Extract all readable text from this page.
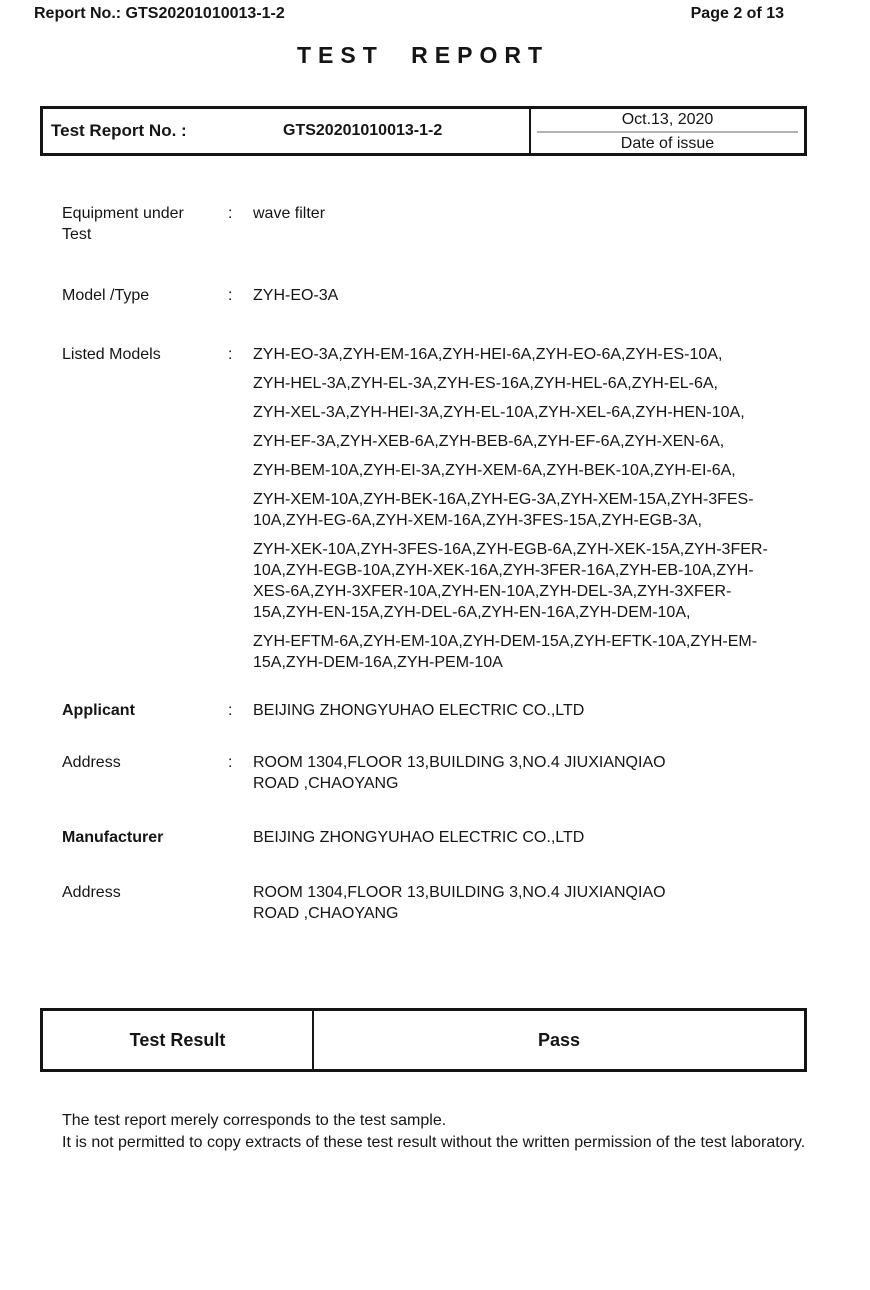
Report No.: GTS20201010013-1-2	Page 2 of 13
TEST REPORT
Test Report No. :	GTS20201010013-1-2
Oct.13, 2020
Date of issue
Equipment under Test
:	wave filter
Model /Type	:	ZYH-EO-3A
Listed Models	:	ZYH-EO-3A,ZYH-EM-16A,ZYH-HEI-6A,ZYH-EO-6A,ZYH-ES-10A,
ZYH-HEL-3A,ZYH-EL-3A,ZYH-ES-16A,ZYH-HEL-6A,ZYH-EL-6A,
ZYH-XEL-3A,ZYH-HEI-3A,ZYH-EL-10A,ZYH-XEL-6A,ZYH-HEN-10A,
ZYH-EF-3A,ZYH-XEB-6A,ZYH-BEB-6A,ZYH-EF-6A,ZYH-XEN-6A,
ZYH-BEM-10A,ZYH-EI-3A,ZYH-XEM-6A,ZYH-BEK-10A,ZYH-EI-6A,
ZYH-XEM-10A,ZYH-BEK-16A,ZYH-EG-3A,ZYH-XEM-15A,ZYH-3FES-10A,ZYH-EG-6A,ZYH-XEM-16A,ZYH-3FES-15A,ZYH-EGB-3A,
ZYH-XEK-10A,ZYH-3FES-16A,ZYH-EGB-6A,ZYH-XEK-15A,ZYH-3FER-10A,ZYH-EGB-10A,ZYH-XEK-16A,ZYH-3FER-16A,ZYH-EB-10A,ZYH-XES-6A,ZYH-3XFER-10A,ZYH-EN-10A,ZYH-DEL-3A,ZYH-3XFER-15A,ZYH-EN-15A,ZYH-DEL-6A,ZYH-EN-16A,ZYH-DEM-10A,
ZYH-EFTM-6A,ZYH-EM-10A,ZYH-DEM-15A,ZYH-EFTK-10A,ZYH-EM-15A,ZYH-DEM-16A,ZYH-PEM-10A
Applicant	:	BEIJING ZHONGYUHAO ELECTRIC CO.,LTD
Address	:	ROOM 1304,FLOOR 13,BUILDING 3,NO.4 JIUXIANQIAO
ROAD ,CHAOYANG
Manufacturer	BEIJING ZHONGYUHAO ELECTRIC CO.,LTD
Address	ROOM 1304,FLOOR 13,BUILDING 3,NO.4 JIUXIANQIAO
ROAD ,CHAOYANG
Test Result	Pass

The test report merely corresponds to the test sample.

It is not permitted to copy extracts of these test result without the written permission of the test laboratory.
